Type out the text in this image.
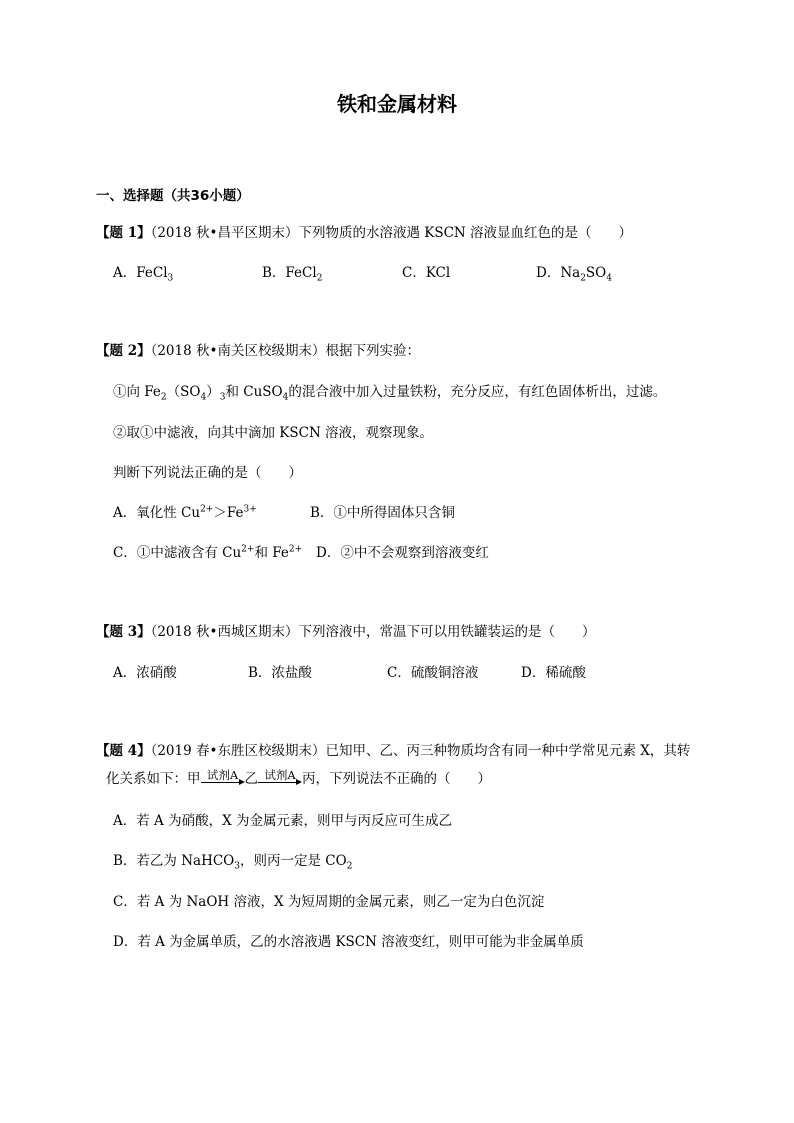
铁和金属材料
一、选择题（共36小题）
【题 1】（2018 秋•昌平区期末）下列物质的水溶液遇 KSCN 溶液显血红色的是（　　）
A．FeCl$_3$	B．FeCl$_2$	C．KCl	D．$Na_2SO_4$
【题 2】（2018 秋•南关区校级期末）根据下列实验：
①向 $Fe_2(SO_4)_3$和 CuSO$_4$的混合液中加入过量铁粉，充分反应，有红色固体析出，过滤。
②取①中滤液，向其中滴加 KSCN 溶液，观察现象。
判断下列说法正确的是（　　）
A．氧化性 $Cu^{2+}>Fe^{3+}$	B．①中所得固体只含铜
C．①中滤液含有 $Cu^{2+}$和 $Fe^{2+}$ D．②中不会观察到溶液变红
【题 3】（2018 秋•西城区期末）下列溶液中，常温下可以用铁罐装运的是（　　）
A．浓硝酸	B．浓盐酸	C．硫酸铜溶液	D．稀硫酸
【题 4】（2019 春•东胜区校级期末）已知甲、乙、丙三种物质均含有同一种中学常见元素 X，其转
化关系如下：甲 试剂A 乙 试剂A 丙，下列说法不正确的（　　）
A．若 A 为硝酸，X 为金属元素，则甲与丙反应可生成乙
B．若乙为 NaHCO$_3$，则丙一定是 $CO_2$
C．若 A 为 NaOH 溶液，X 为短周期的金属元素，则乙一定为白色沉淀
D．若 A 为金属单质，乙的水溶液遇 KSCN 溶液变红，则甲可能为非金属单质
